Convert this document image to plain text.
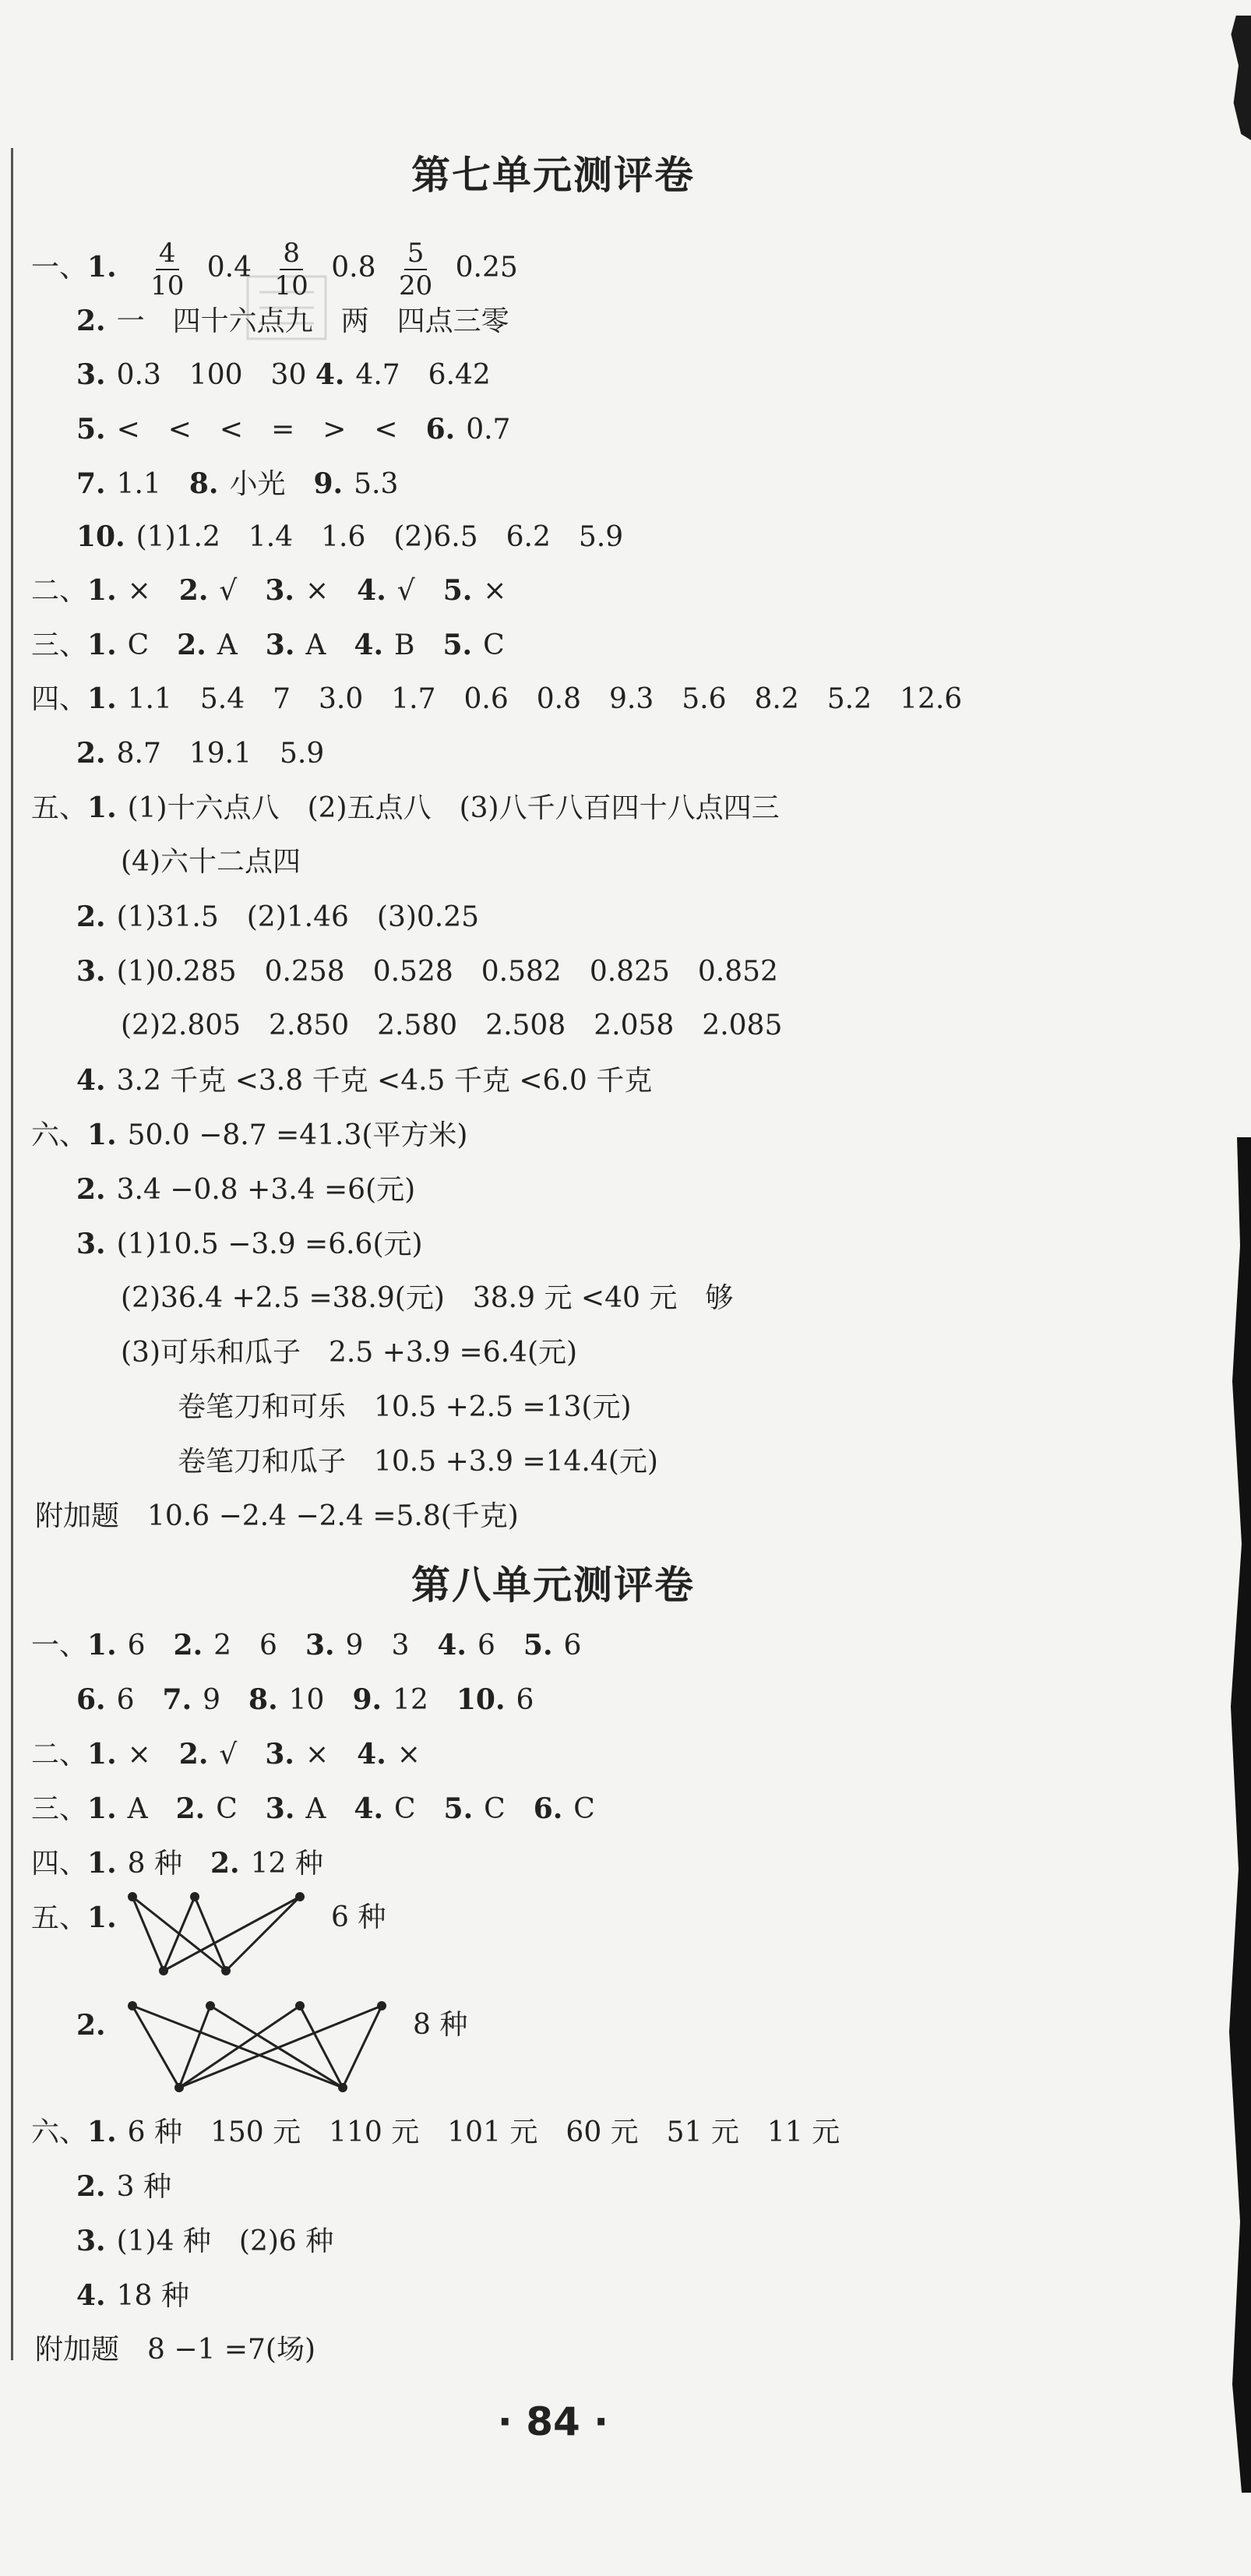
第七单元测评卷
一、1. $\frac{4}{10} 0.4 \frac{8}{10} 0.8 \frac{5}{20} 0.25$
2. 一　四十六点九　两　四点三零
3. 0.3　100　30 4. 4.7　6.42
5. <　<　<　=　>　<　 6. 0.7
7. 1.1　 8. 小光　 9. 5.3
10. (1)1.2　1.4　1.6　(2)6.5　6.2　5.9
二、1. ×　 2. √　 3. ×　 4. √　 5. ×
三、1. C　 2. A　 3. A　 4. B　 5. C
四、1. 1.1　5.4　7　3.0　1.7　0.6　0.8　9.3　5.6　8.2　5.2　12.6
2. 8.7　19.1　5.9
五、1. (1)十六点八　(2)五点八　(3)八千八百四十八点四三
(4)六十二点四
2. (1)31.5　(2)1.46　(3)0.25
3. (1)0.285　0.258　0.528　0.582　0.825　0.852
(2)2.805　2.850　2.580　2.508　2.058　2.085
4. 3.2 千克 <3.8 千克 <4.5 千克 <6.0 千克
六、1. 50.0 −8.7 =41.3(平方米)
2. 3.4 −0.8 +3.4 =6(元)
3. (1)10.5 −3.9 =6.6(元)
(2)36.4 +2.5 =38.9(元)　38.9 元 <40 元　够
(3)可乐和瓜子　2.5 +3.9 =6.4(元)
卷笔刀和可乐　10.5 +2.5 =13(元)
卷笔刀和瓜子　10.5 +3.9 =14.4(元)
附加题　10.6 −2.4 −2.4 =5.8(千克)
第八单元测评卷
一、1. 6　 2. 2　6　 3. 9　3　 4. 6　 5. 6
6. 6　 7. 9　 8. 10　 9. 12　 10. 6
二、1. ×　 2. √　 3. ×　 4. ×
三、1. A　 2. C　 3. A　 4. C　 5. C　 6. C
四、1. 8 种　 2. 12 种
五、1.	6 种
2.	8 种
六、1. 6 种　150 元　110 元　101 元　60 元　51 元　11 元
2. 3 种
3. (1)4 种　(2)6 种
4. 18 种
附加题　8 −1 =7(场)
· 84 ·
